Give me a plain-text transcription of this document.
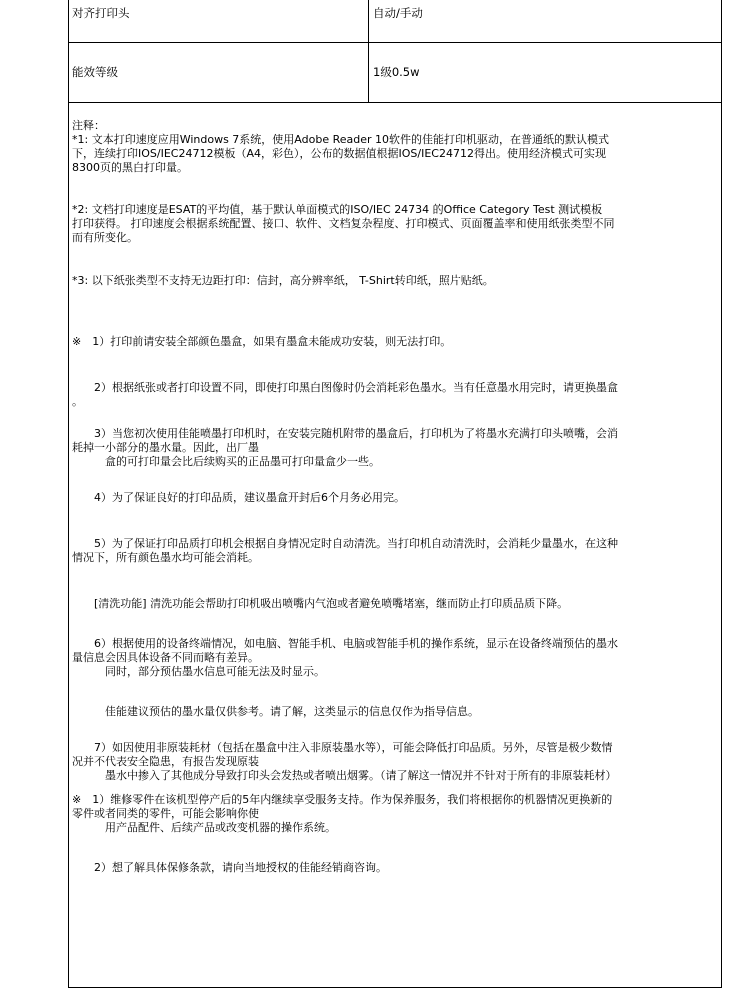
对齐打印头	自动/手动
能效等级	1级0.5w

注释：

*1: 文本打印速度应用Windows 7系统，使用Adobe Reader 10软件的佳能打印机驱动，在普通纸的默认模式

下，连续打印IOS/IEC24712模板（A4，彩色），公布的数据值根据IOS/IEC24712得出。使用经济模式可实现

8300页的黑白打印量。

*2: 文档打印速度是ESAT的平均值，基于默认单面模式的ISO/IEC 24734 的Office Category Test 测试模板

打印获得。 打印速度会根据系统配置、接口、软件、文档复杂程度、打印模式、页面覆盖率和使用纸张类型不同

而有所变化。

*3: 以下纸张类型不支持无边距打印：信封，高分辨率纸， T-Shirt转印纸，照片贴纸。

※　1）打印前请安装全部颜色墨盒，如果有墨盒未能成功安装，则无法打印。

　　2）根据纸张或者打印设置不同，即使打印黑白图像时仍会消耗彩色墨水。当有任意墨水用完时，请更换墨盒

。

　　3）当您初次使用佳能喷墨打印机时，在安装完随机附带的墨盒后，打印机为了将墨水充满打印头喷嘴，会消

耗掉一小部分的墨水量。因此，出厂墨

　　　盒的可打印量会比后续购买的正品墨可打印量盒少一些。

　　4）为了保证良好的打印品质，建议墨盒开封后6个月务必用完。

　　5）为了保证打印品质打印机会根据自身情况定时自动清洗。当打印机自动清洗时，会消耗少量墨水，在这种

情况下，所有颜色墨水均可能会消耗。

　　[清洗功能] 清洗功能会帮助打印机吸出喷嘴内气泡或者避免喷嘴堵塞，继而防止打印质品质下降。

　　6）根据使用的设备终端情况，如电脑、智能手机、电脑或智能手机的操作系统，显示在设备终端预估的墨水

量信息会因具体设备不同而略有差异。

　　　同时，部分预估墨水信息可能无法及时显示。

　　　佳能建议预估的墨水量仅供参考。请了解，这类显示的信息仅作为指导信息。

　　7）如因使用非原装耗材（包括在墨盒中注入非原装墨水等），可能会降低打印品质。另外，尽管是极少数情

况并不代表安全隐患，有报告发现原装

　　　墨水中掺入了其他成分导致打印头会发热或者喷出烟雾。（请了解这一情况并不针对于所有的非原装耗材）

※　1）维修零件在该机型停产后的5年内继续享受服务支持。作为保养服务，我们将根据你的机器情况更换新的

零件或者同类的零件，可能会影响你使

　　　用产品配件、后续产品或改变机器的操作系统。

　　2）想了解具体保修条款，请向当地授权的佳能经销商咨询。
